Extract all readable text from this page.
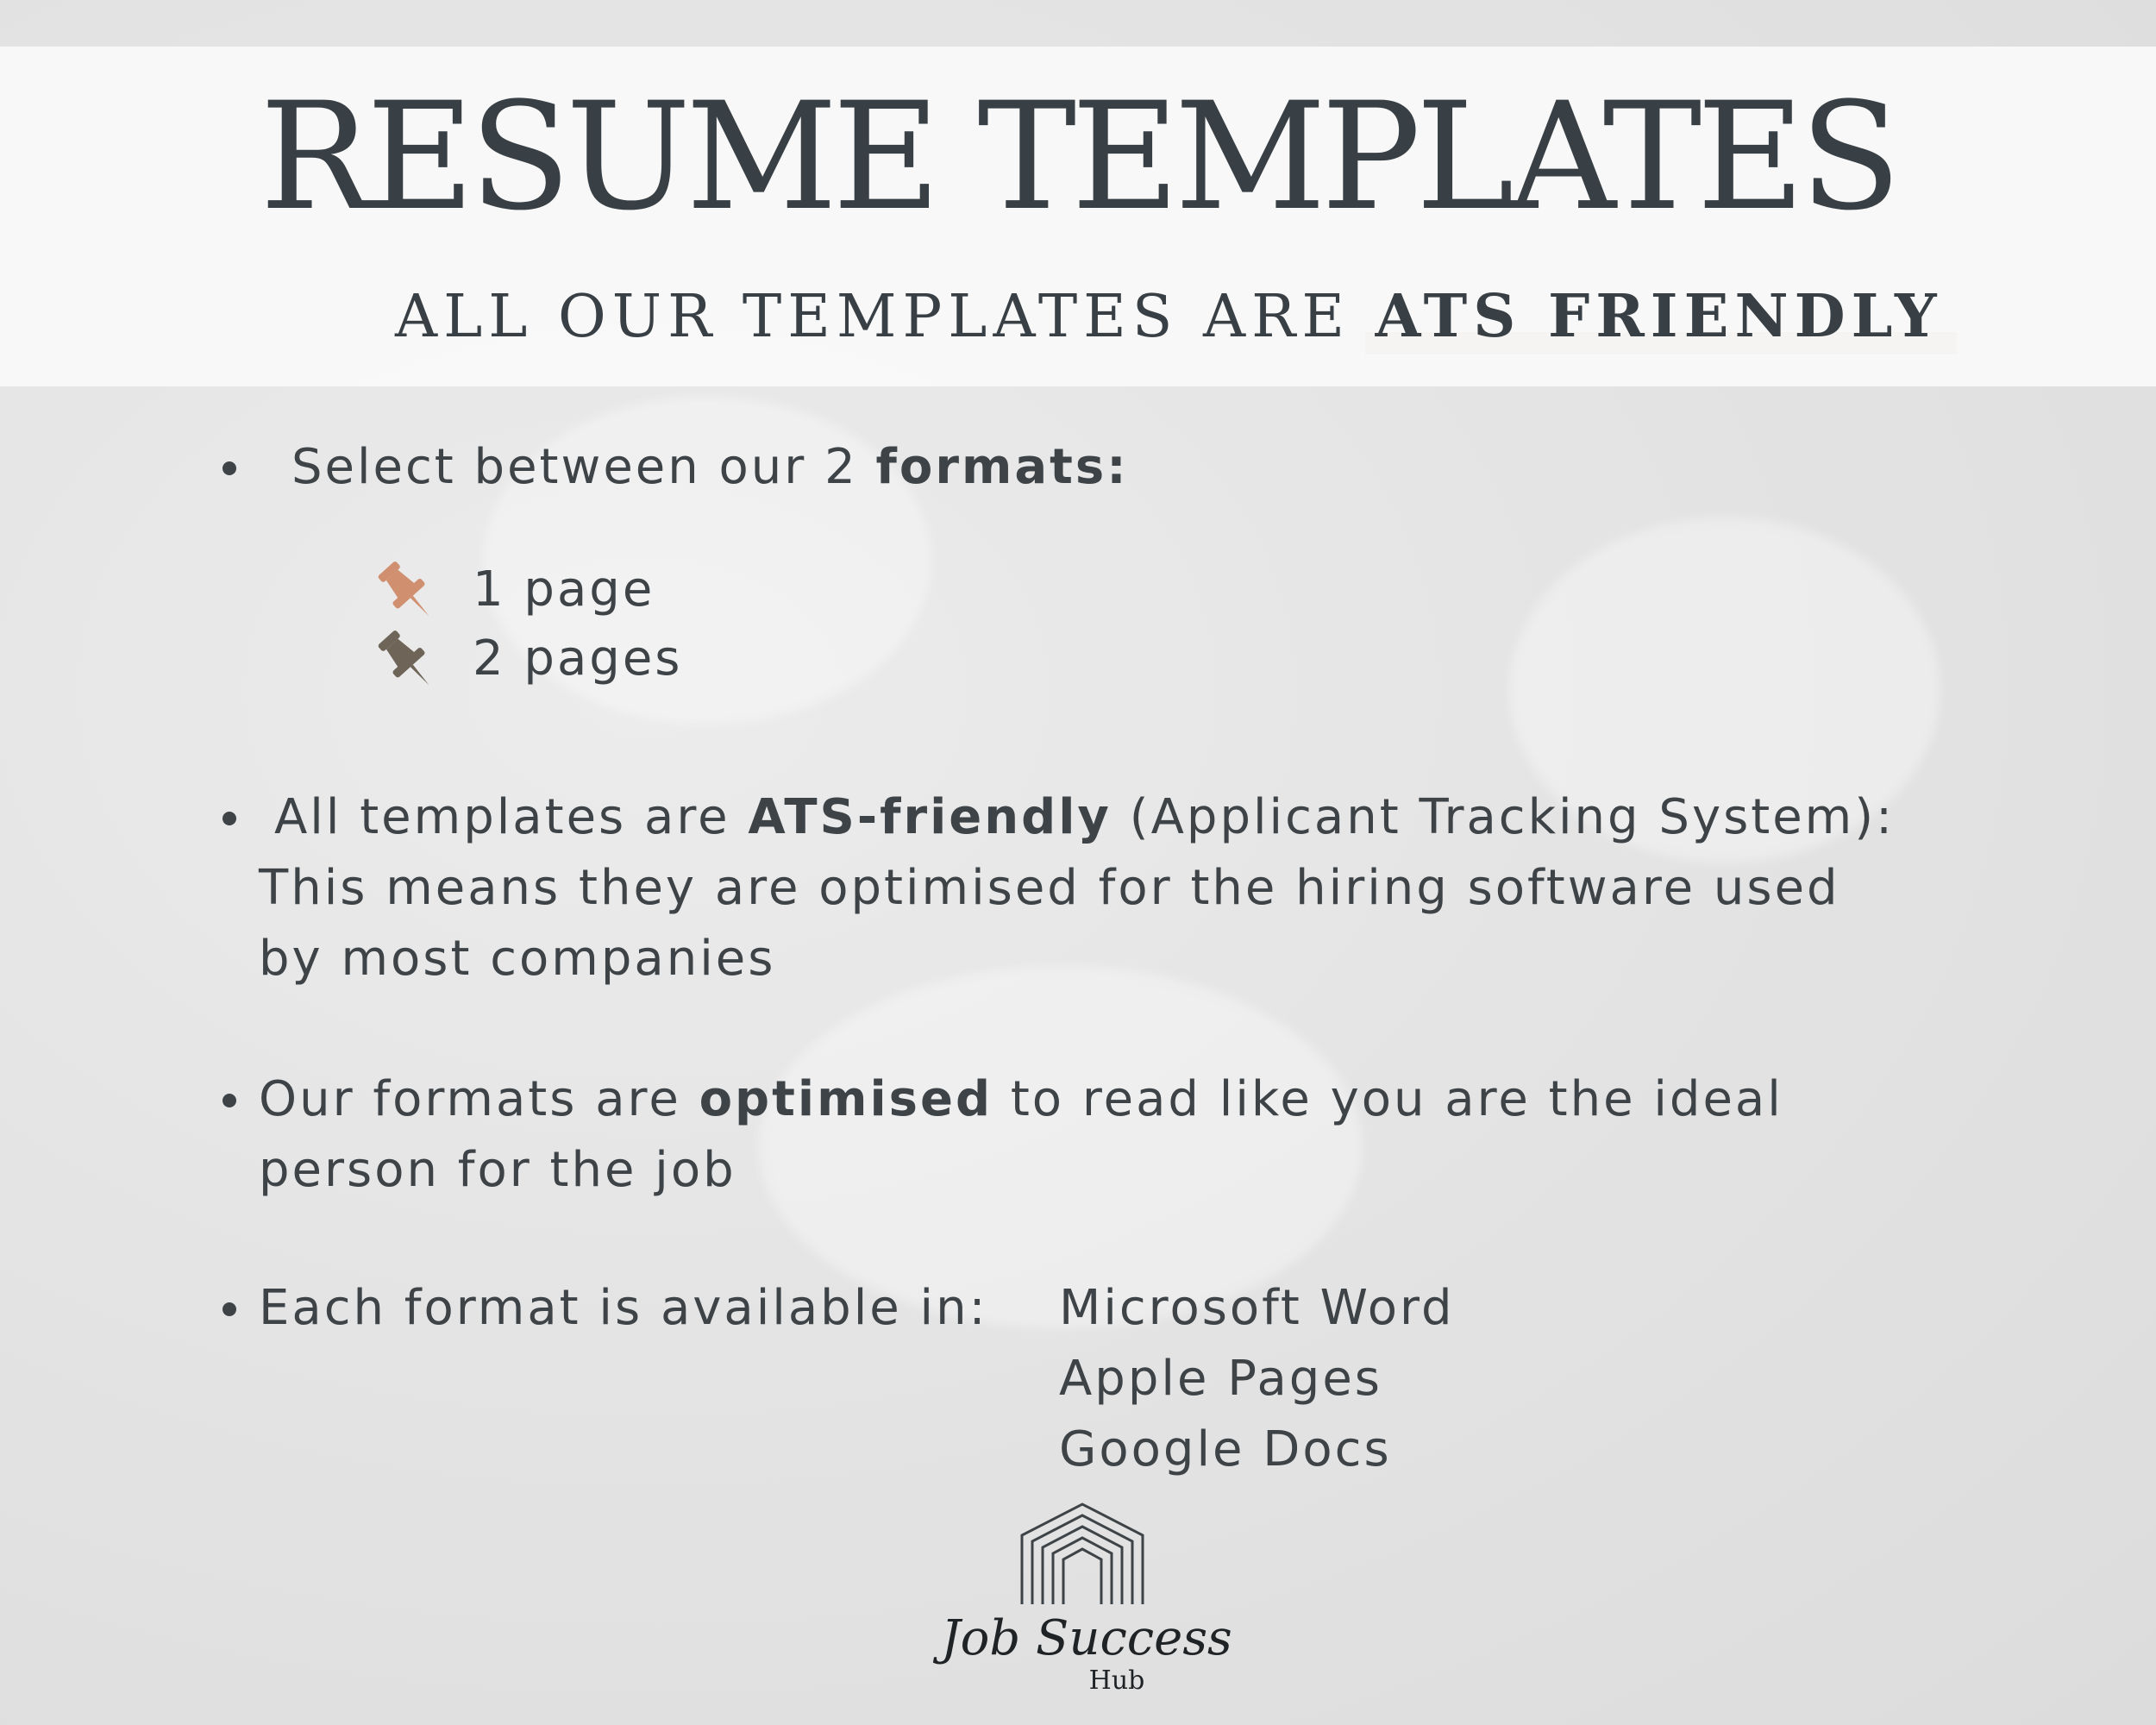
RESUME TEMPLATES
ALL OUR TEMPLATES ARE ATS FRIENDLY
Select between our 2 formats:
1 page
2 pages
All templates are ATS-friendly (Applicant Tracking System):
This means they are optimised for the hiring software used
by most companies
Our formats are optimised to read like you are the ideal
person for the job
Each format is available in: Microsoft Word
Apple Pages
Google Docs
Job Success
Hub
